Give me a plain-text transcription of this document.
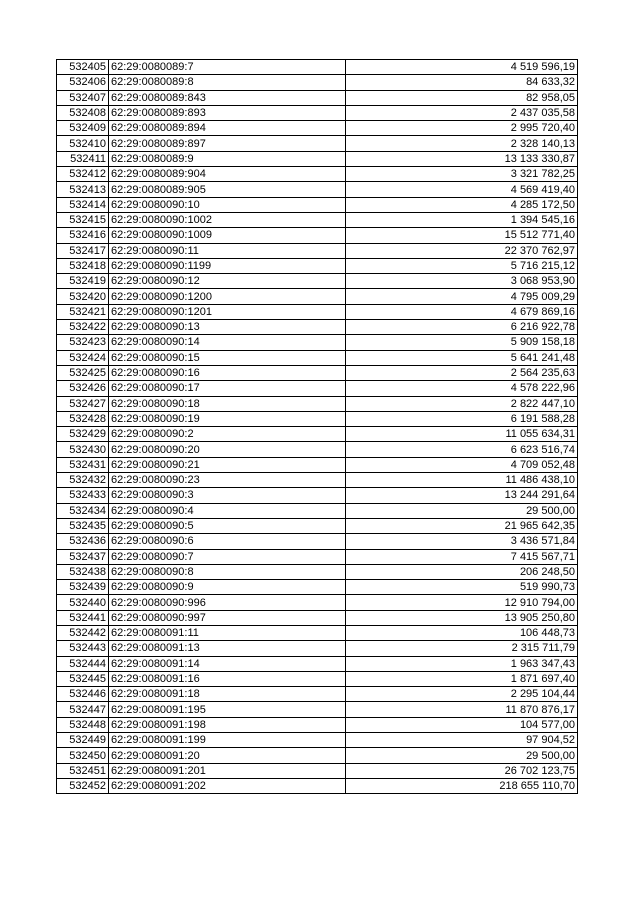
532405	62:29:0080089:7	4 519 596,19
532406	62:29:0080089:8	84 633,32
532407	62:29:0080089:843	82 958,05
532408	62:29:0080089:893	2 437 035,58
532409	62:29:0080089:894	2 995 720,40
532410	62:29:0080089:897	2 328 140,13
532411	62:29:0080089:9	13 133 330,87
532412	62:29:0080089:904	3 321 782,25
532413	62:29:0080089:905	4 569 419,40
532414	62:29:0080090:10	4 285 172,50
532415	62:29:0080090:1002	1 394 545,16
532416	62:29:0080090:1009	15 512 771,40
532417	62:29:0080090:11	22 370 762,97
532418	62:29:0080090:1199	5 716 215,12
532419	62:29:0080090:12	3 068 953,90
532420	62:29:0080090:1200	4 795 009,29
532421	62:29:0080090:1201	4 679 869,16
532422	62:29:0080090:13	6 216 922,78
532423	62:29:0080090:14	5 909 158,18
532424	62:29:0080090:15	5 641 241,48
532425	62:29:0080090:16	2 564 235,63
532426	62:29:0080090:17	4 578 222,96
532427	62:29:0080090:18	2 822 447,10
532428	62:29:0080090:19	6 191 588,28
532429	62:29:0080090:2	11 055 634,31
532430	62:29:0080090:20	6 623 516,74
532431	62:29:0080090:21	4 709 052,48
532432	62:29:0080090:23	11 486 438,10
532433	62:29:0080090:3	13 244 291,64
532434	62:29:0080090:4	29 500,00
532435	62:29:0080090:5	21 965 642,35
532436	62:29:0080090:6	3 436 571,84
532437	62:29:0080090:7	7 415 567,71
532438	62:29:0080090:8	206 248,50
532439	62:29:0080090:9	519 990,73
532440	62:29:0080090:996	12 910 794,00
532441	62:29:0080090:997	13 905 250,80
532442	62:29:0080091:11	106 448,73
532443	62:29:0080091:13	2 315 711,79
532444	62:29:0080091:14	1 963 347,43
532445	62:29:0080091:16	1 871 697,40
532446	62:29:0080091:18	2 295 104,44
532447	62:29:0080091:195	11 870 876,17
532448	62:29:0080091:198	104 577,00
532449	62:29:0080091:199	97 904,52
532450	62:29:0080091:20	29 500,00
532451	62:29:0080091:201	26 702 123,75
532452	62:29:0080091:202	218 655 110,70
